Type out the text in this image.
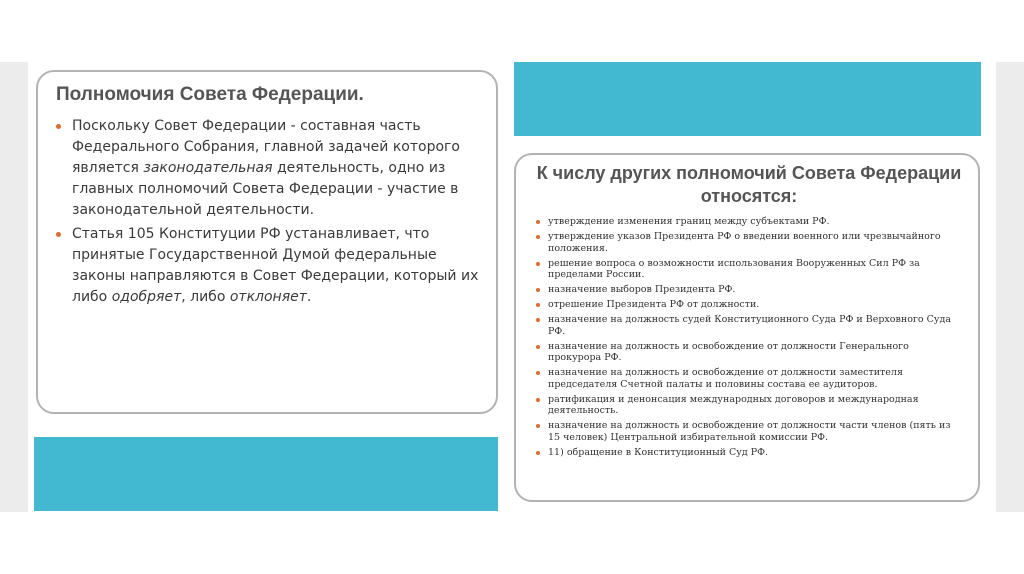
Полномочия Совета Федерации.
Поскольку Совет Федерации - составная часть Федерального Собрания, главной задачей которого является законодательная деятельность, одно из главных полномочий Совета Федерации - участие в законодательной деятельности.
Статья 105 Конституции РФ устанавливает, что принятые Государственной Думой федеральные законы направляются в Совет Федерации, который их либо одобряет, либо отклоняет.
К числу других полномочий Совета Федерации относятся:
утверждение изменения границ между субъектами РФ.
утверждение указов Президента РФ о введении военного или чрезвычайного положения.
решение вопроса о возможности использования Вооруженных Сил РФ за пределами России.
назначение выборов Президента РФ.
отрешение Президента РФ от должности.
назначение на должность судей Конституционного Суда РФ и Верховного Суда РФ.
назначение на должность и освобождение от должности Генерального прокурора РФ.
назначение на должность и освобождение от должности заместителя председателя Счетной палаты и половины состава ее аудиторов.
ратификация и денонсация международных договоров и международная деятельность.
назначение на должность и освобождение от должности части членов (пять из 15 человек) Центральной избирательной комиссии РФ.
11) обращение в Конституционный Суд РФ.
